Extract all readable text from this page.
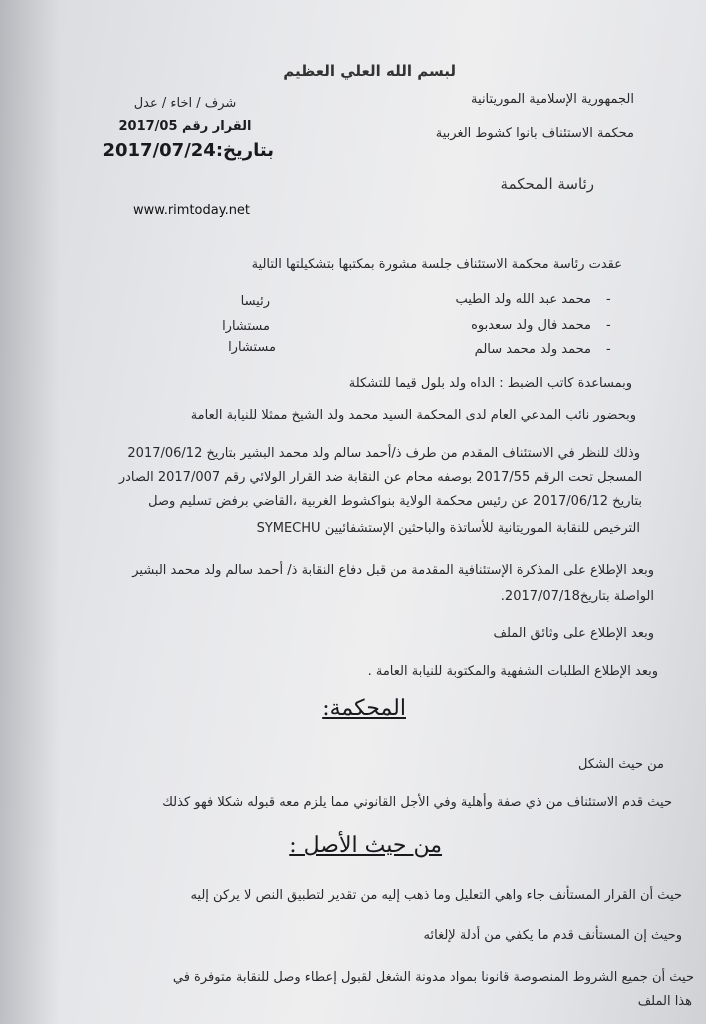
لبسم الله العلي العظيم
الجمهورية الإسلامية الموريتانية
محكمة الاستئناف بانوا كشوط الغربية
شرف / اخاء / عدل
القرار رقم 2017/05
بتاريخ:2017/07/24
رئاسة المحكمة
www.rimtoday.net
عقدت رئاسة محكمة الاستئناف جلسة مشورة بمكتبها بتشكيلتها التالية
-
محمد عبد الله ولد الطيب
رئيسا
-
محمد فال ولد سعدبوه
مستشارا
-
محمد ولد محمد سالم
مستشارا
وبمساعدة كاتب الضبط : الداه ولد بلول قيما للتشكلة
وبحضور نائب المدعي العام لدى المحكمة السيد محمد ولد الشيخ ممثلا للنيابة العامة
وذلك للنظر في الاستئناف المقدم من طرف ذ/أحمد سالم ولد محمد البشير بتاريخ 2017/06/12
المسجل تحت الرقم 2017/55 بوصفه محام عن النقابة ضد القرار الولائي رقم 2017/007 الصادر
بتاريخ 2017/06/12 عن رئيس محكمة الولاية بنواكشوط الغربية ،القاضي برفض تسليم وصل
الترخيص للنقابة الموريتانية للأساتذة والباحثين الإستشفائيين SYMECHU
وبعد الإطلاع على المذكرة الإستئنافية المقدمة من قبل دفاع النقابة ذ/ أحمد سالم ولد محمد البشير
الواصلة بتاريخ2017/07/18.
وبعد الإطلاع على وثائق الملف
وبعد الإطلاع الطلبات الشفهية والمكتوبة للنيابة العامة .
المحكمة:
من حيث الشكل
حيث قدم الاستئناف من ذي صفة وأهلية وفي الأجل القانوني مما يلزم معه قبوله شكلا فهو كذلك
من حيث الأصل :
حيث أن القرار المستأنف جاء واهي التعليل وما ذهب إليه من تقدير لتطبيق النص لا يركن إليه
وحيث إن المستأنف قدم ما يكفي من أدلة لإلغائه
حيث أن جميع الشروط المنصوصة قانونا بمواد مدونة الشغل لقبول إعطاء وصل للنقابة متوفرة في
هذا الملف
